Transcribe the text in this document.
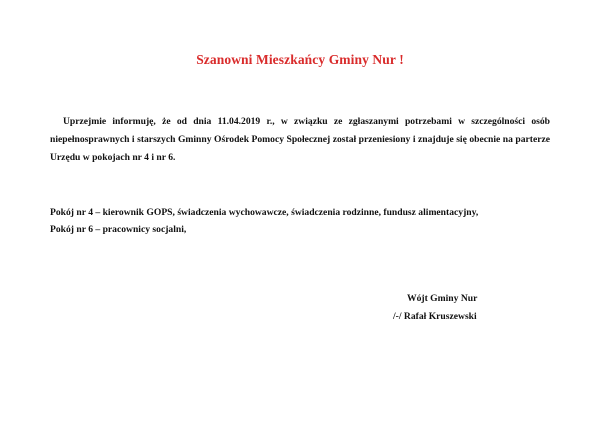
Szanowni Mieszkańcy Gminy Nur !
Uprzejmie informuję, że od dnia 11.04.2019 r., w związku ze zgłaszanymi potrzebami w szczególności osób niepełnosprawnych i starszych Gminny Ośrodek Pomocy Społecznej został przeniesiony i znajduje się obecnie na parterze Urzędu w pokojach nr 4 i nr 6.
Pokój nr 4 – kierownik GOPS, świadczenia wychowawcze, świadczenia rodzinne, fundusz alimentacyjny,
Pokój nr 6 – pracownicy socjalni,
Wójt Gminy Nur
/-/ Rafał Kruszewski
